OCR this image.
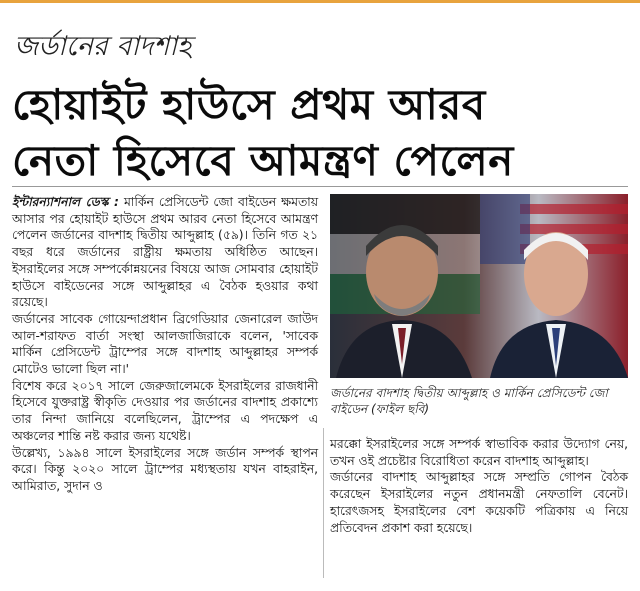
জর্ডানের বাদশাহ
হোয়াইট হাউসে প্রথম আরব
নেতা হিসেবে আমন্ত্রণ পেলেন

ইন্টারন্যাশনাল ডেস্ক : মার্কিন প্রেসিডেন্ট জো বাইডেন ক্ষমতায় আসার পর হোয়াইট হাউসে প্রথম আরব নেতা হিসেবে আমন্ত্রণ পেলেন জর্ডানের বাদশাহ দ্বিতীয় আব্দুল্লাহ (৫৯)। তিনি গত ২১ বছর ধরে জর্ডানের রাষ্ট্রীয় ক্ষমতায় অধিষ্ঠিত আছেন। ইসরাইলের সঙ্গে সম্পর্কোন্নয়নের বিষয়ে আজ সোমবার হোয়াইট হাউসে বাইডেনের সঙ্গে আব্দুল্লাহর এ বৈঠক হওয়ার কথা রয়েছে।

জর্ডানের সাবেক গোয়েন্দাপ্রধান ব্রিগেডিয়ার জেনারেল জাউদ আল-শরাফত বার্তা সংস্থা আলজাজিরাকে বলেন, 'সাবেক মার্কিন প্রেসিডেন্ট ট্রাম্পের সঙ্গে বাদশাহ আব্দুল্লাহর সম্পর্ক মোটেও ভালো ছিল না।'

বিশেষ করে ২০১৭ সালে জেরুজালেমকে ইসরাইলের রাজধানী হিসেবে যুক্তরাষ্ট্র স্বীকৃতি দেওয়ার পর জর্ডানের বাদশাহ প্রকাশ্যে তার নিন্দা জানিয়ে বলেছিলেন, ট্রাম্পের এ পদক্ষেপ এ অঞ্চলের শান্তি নষ্ট করার জন্য যথেষ্ট।

উল্লেখ্য, ১৯৯৪ সালে ইসরাইলের সঙ্গে জর্ডান সম্পর্ক স্থাপন করে। কিন্তু ২০২০ সালে ট্রাম্পের মধ্যস্থতায় যখন বাহরাইন, আমিরাত, সুদান ও

জর্ডানের বাদশাহ দ্বিতীয় আব্দুল্লাহ ও মার্কিন প্রেসিডেন্ট জো বাইডেন (ফাইল ছবি)

মরক্কো ইসরাইলের সঙ্গে সম্পর্ক স্বাভাবিক করার উদ্যোগ নেয়, তখন ওই প্রচেষ্টার বিরোধিতা করেন বাদশাহ আব্দুল্লাহ।

জর্ডানের বাদশাহ আব্দুল্লাহর সঙ্গে সম্প্রতি গোপন বৈঠক করেছেন ইসরাইলের নতুন প্রধানমন্ত্রী নেফতালি বেনেট। হারেৎজসহ ইসরাইলের বেশ কয়েকটি পত্রিকায় এ নিয়ে প্রতিবেদন প্রকাশ করা হয়েছে।
